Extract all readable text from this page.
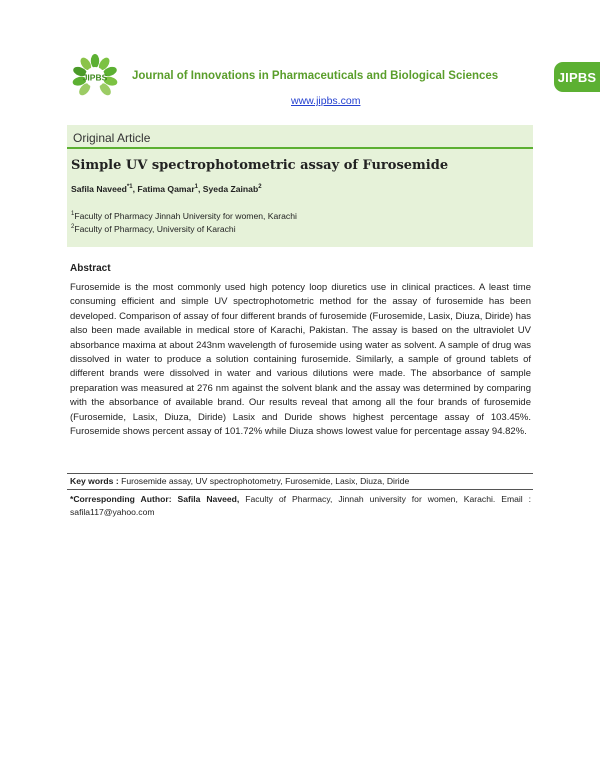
JIPBS Journal of Innovations in Pharmaceuticals and Biological Sciences	JIPBS
www.jipbs.com
Original Article
Simple UV spectrophotometric assay of Furosemide
Safila Naveed$^{*1}$, Fatima Qamar$^1$, Syeda Zainab$^2$
$^1$Faculty of Pharmacy Jinnah University for women, Karachi
$^2$Faculty of Pharmacy, University of Karachi
Abstract

Furosemide is the most commonly used high potency loop diuretics use in clinical practices. A least time consuming efficient and simple UV spectrophotometric method for the assay of furosemide has been developed. Comparison of assay of four different brands of furosemide (Furosemide, Lasix, Diuza, Diride) has also been made available in medical store of Karachi, Pakistan. The assay is based on the ultraviolet UV absorbance maxima at about 243nm wavelength of furosemide using water as solvent. A sample of drug was dissolved in water to produce a solution containing furosemide. Similarly, a sample of ground tablets of different brands were dissolved in water and various dilutions were made. The absorbance of sample preparation was measured at 276 nm against the solvent blank and the assay was determined by comparing with the absorbance of available brand. Our results reveal that among all the four brands of furosemide (Furosemide, Lasix, Diuza, Diride) Lasix and Duride shows highest percentage assay of 103.45%. Furosemide shows percent assay of 101.72% while Diuza shows lowest value for percentage assay 94.82%.

Key words : Furosemide assay, UV spectrophotometry, Furosemide, Lasix, Diuza, Diride
*Corresponding Author: Safila Naveed, Faculty of Pharmacy, Jinnah university for women, Karachi. Email : safila117@yahoo.com
